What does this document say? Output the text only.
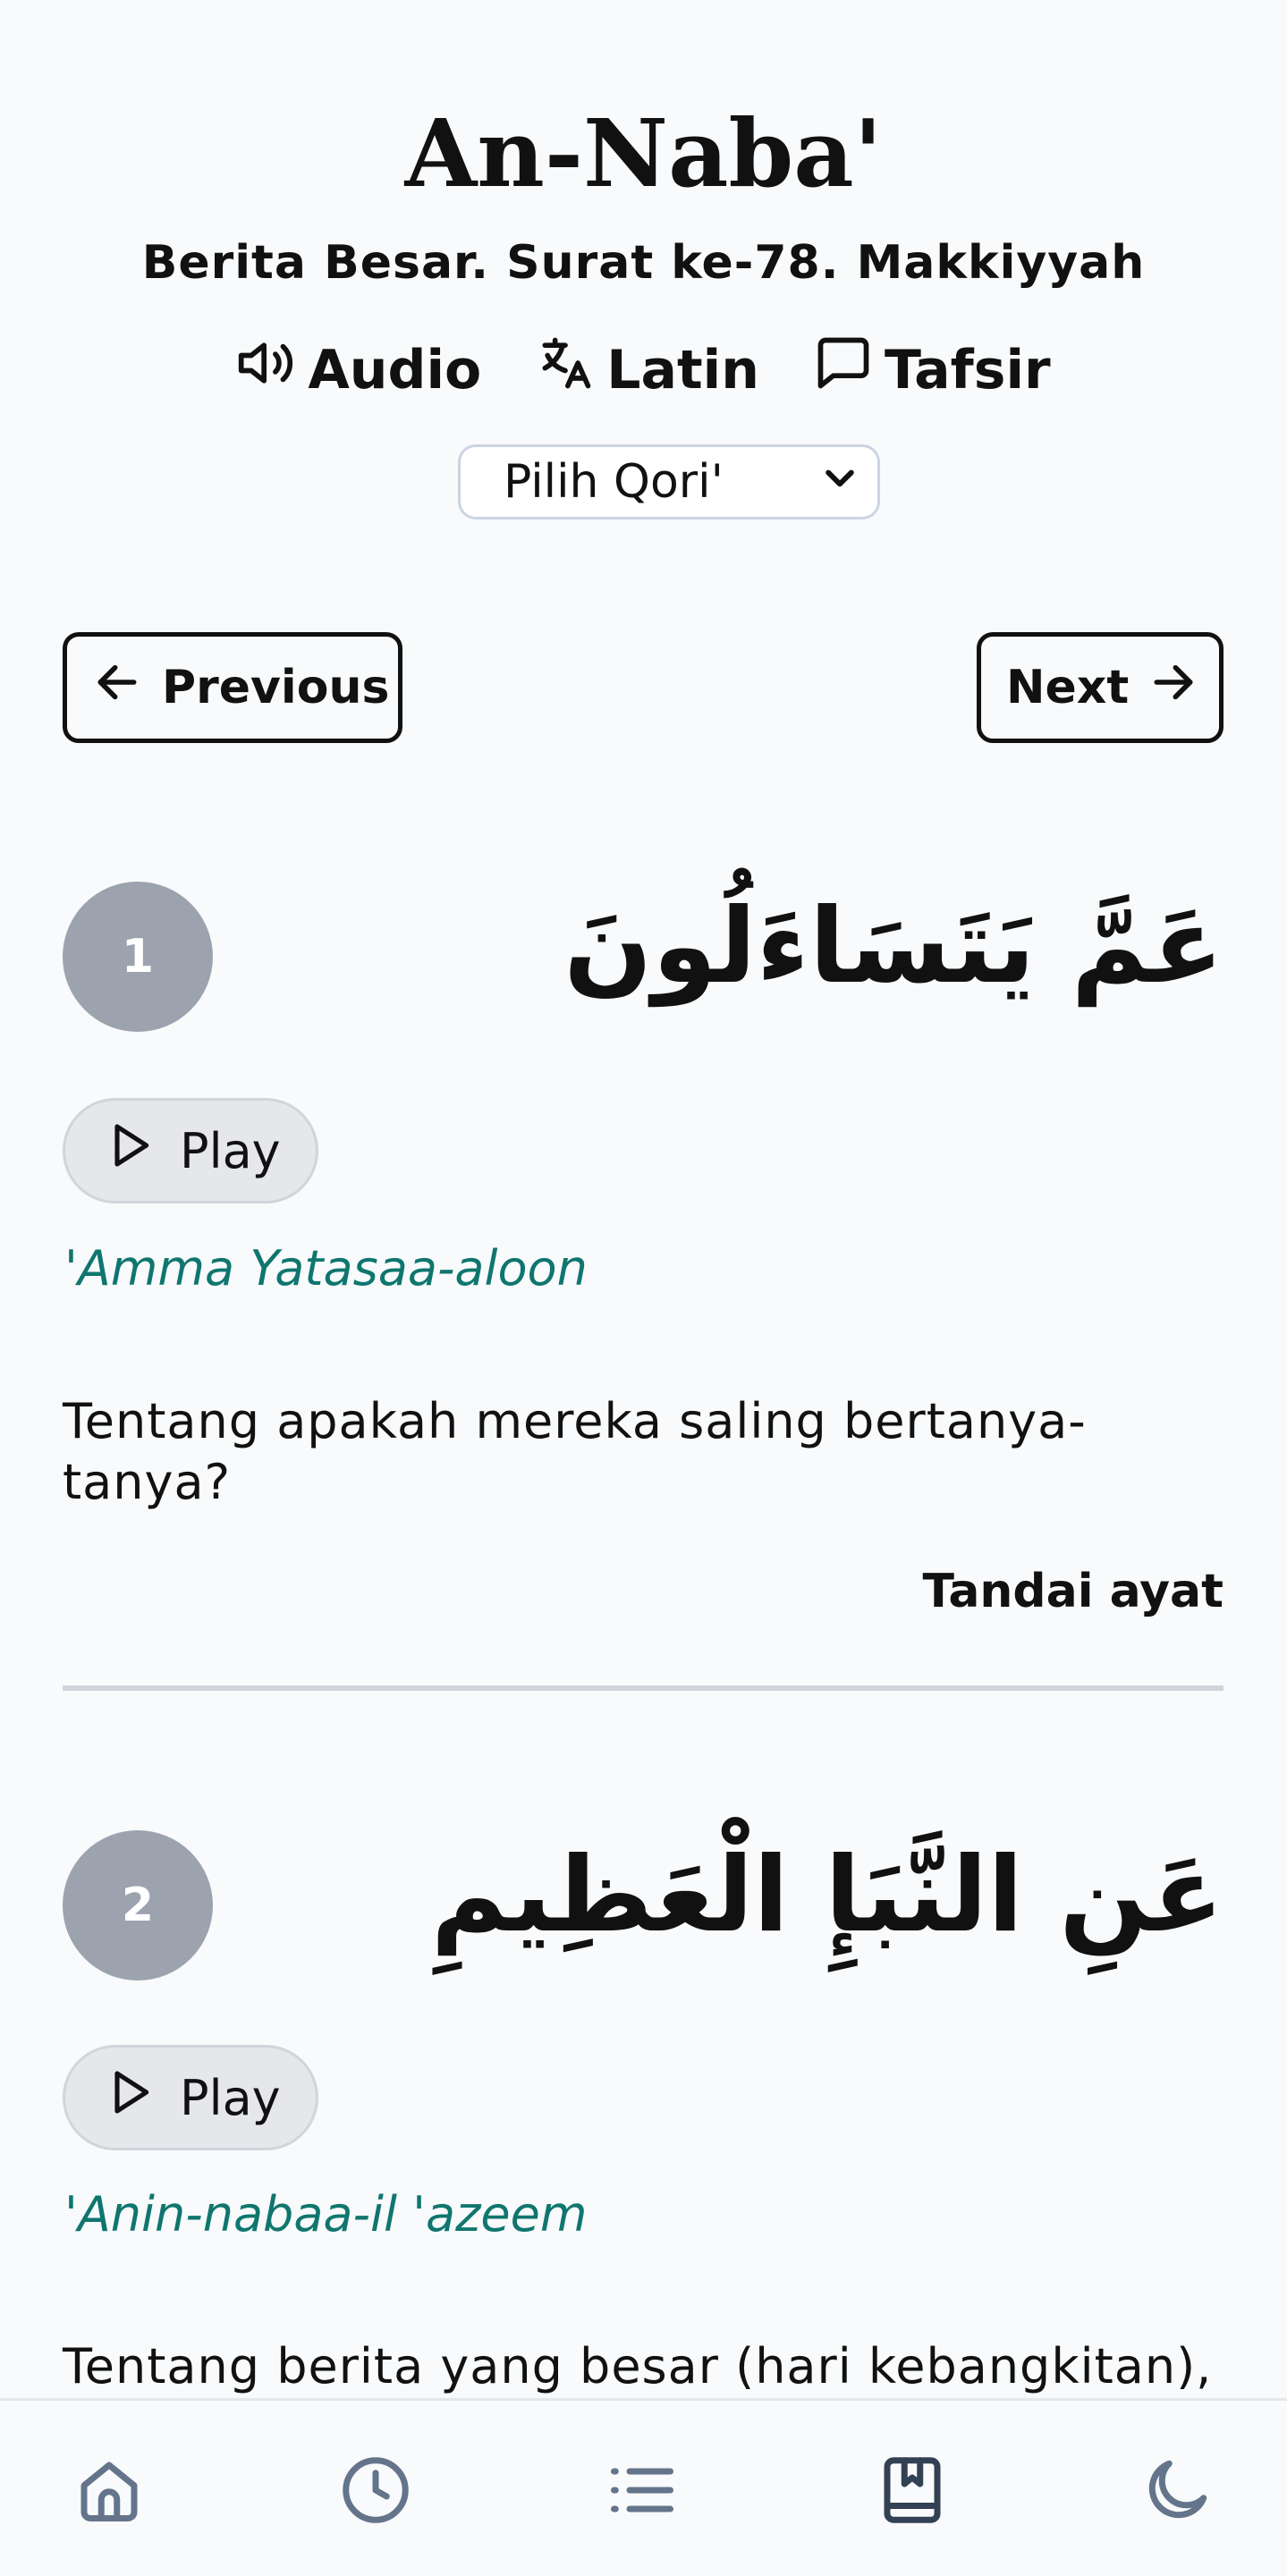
An-Naba'
Berita Besar. Surat ke-78. Makkiyyah
Audio Latin Tafsir
Pilih Qori'
Previous	Next
1	عَمَّ يَتَسَاءَلُونَ
Play
'Amma Yatasaa-aloon
Tentang apakah mereka saling bertanya-tanya?
Tandai ayat
2	عَنِ النَّبَإِ الْعَظِيمِ
Play
'Anin-nabaa-il 'azeem
Tentang berita yang besar (hari kebangkitan),
